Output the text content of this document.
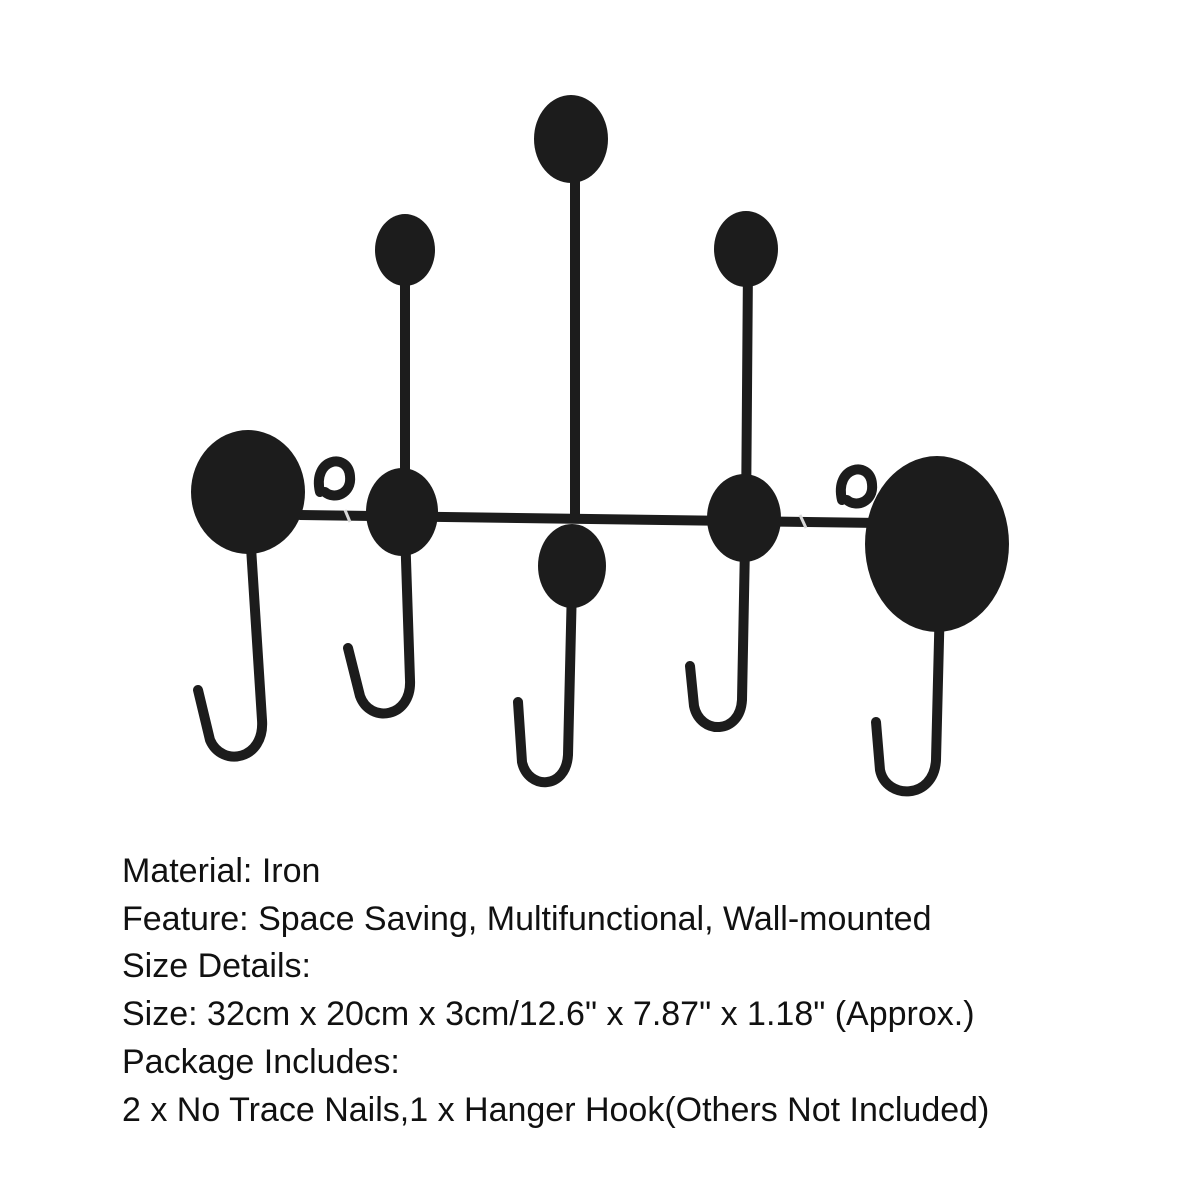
Material: Iron
Feature: Space Saving, Multifunctional, Wall-mounted
Size Details:
Size: 32cm x 20cm x 3cm/12.6" x 7.87" x 1.18" (Approx.)
Package Includes:
2 x No Trace Nails,1 x Hanger Hook(Others Not Included)
